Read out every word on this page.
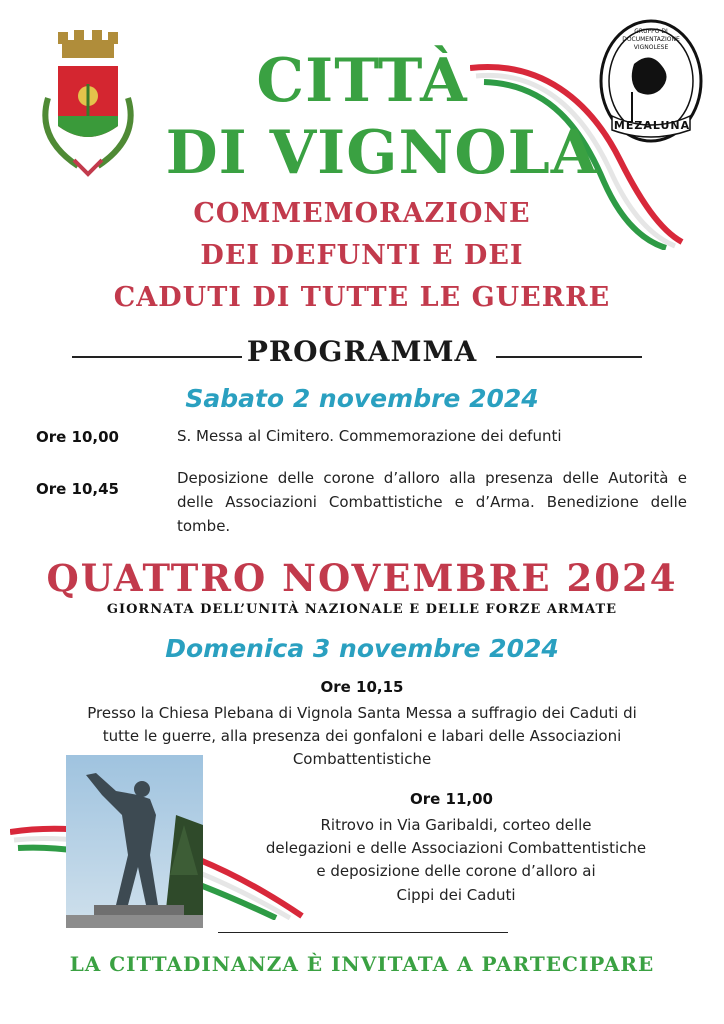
GRUPPO DI DOCUMENTAZIONE VIGNOLESE
MEZALUNA
CITTÀ
DI VIGNOLA
COMMEMORAZIONE
DEI DEFUNTI E DEI
CADUTI DI TUTTE LE GUERRE
PROGRAMMA
Sabato 2 novembre 2024
Ore 10,00	S. Messa al Cimitero. Commemorazione dei defunti
Ore 10,45
Deposizione delle corone d’alloro alla presenza delle Autorità e delle Associazioni Combattistiche e d’Arma. Benedizione delle tombe.
QUATTRO NOVEMBRE 2024
GIORNATA DELL’UNITÀ NAZIONALE E DELLE FORZE ARMATE
Domenica 3 novembre 2024
Ore 10,15
Presso la Chiesa Plebana di Vignola Santa Messa a suffragio dei Caduti di
tutte le guerre, alla presenza dei gonfaloni e labari delle Associazioni
Combattentistiche
Ore 11,00
Ritrovo in Via Garibaldi, corteo delle
delegazioni e delle Associazioni Combattentistiche
e deposizione delle corone d’alloro ai
Cippi dei Caduti
LA CITTADINANZA È INVITATA A PARTECIPARE
